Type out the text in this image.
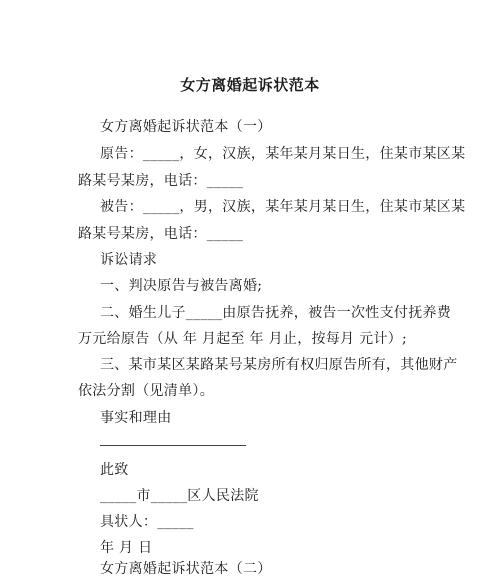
女方离婚起诉状范本
女方离婚起诉状范本（一）
原告：_____，女，汉族，某年某月某日生，住某市某区某
路某号某房，电话：_____
被告：_____，男，汉族，某年某月某日生，住某市某区某
路某号某房，电话：_____
诉讼请求
一、判决原告与被告离婚;
二、婚生儿子_____由原告抚养，被告一次性支付抚养费
万元给原告（从 年 月起至 年 月止，按每月 元计）;
三、某市某区某路某号某房所有权归原告所有，其他财产
依法分割（见清单）。
事实和理由
此致
_____市_____区人民法院
具状人：_____
年 月 日
女方离婚起诉状范本（二）
